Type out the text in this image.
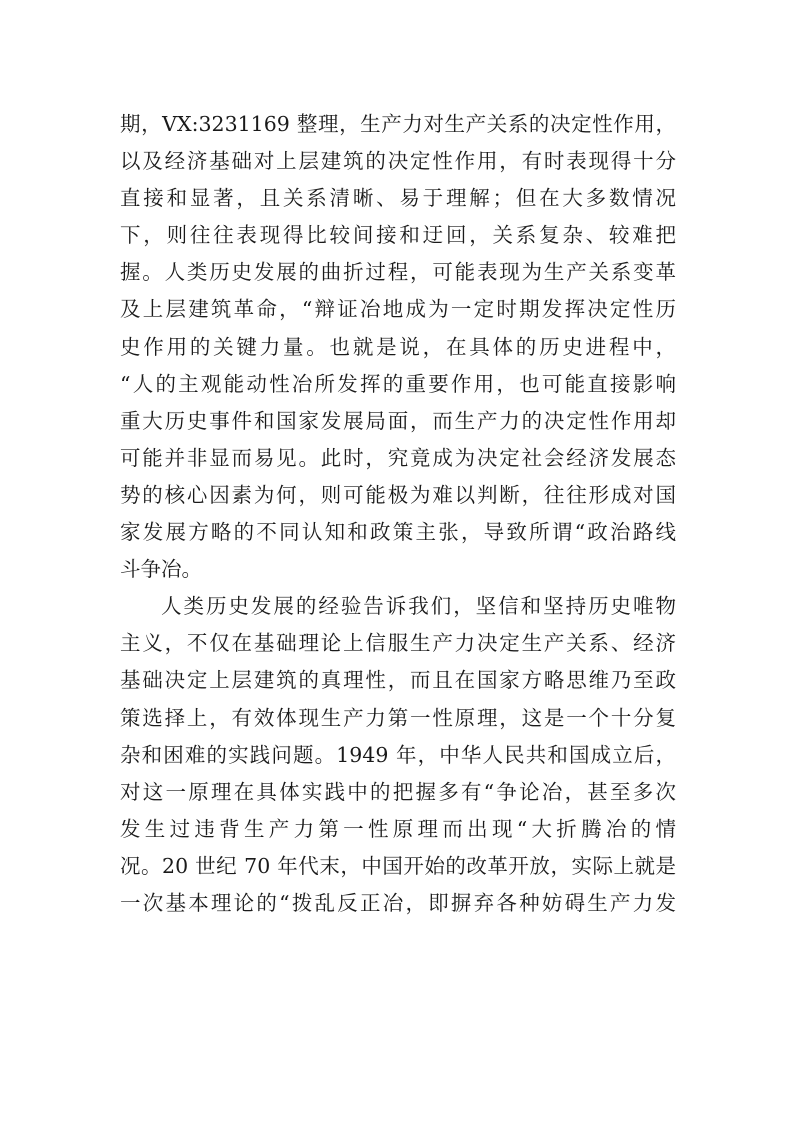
期，VX:3231169 整理，生产力对生产关系的决定性作用，
以及经济基础对上层建筑的决定性作用，有时表现得十分
直接和显著，且关系清晰、易于理解；但在大多数情况
下，则往往表现得比较间接和迂回，关系复杂、较难把
握。人类历史发展的曲折过程，可能表现为生产关系变革
及上层建筑革命，“辩证冶地成为一定时期发挥决定性历
史作用的关键力量。也就是说，在具体的历史进程中，
“人的主观能动性冶所发挥的重要作用，也可能直接影响
重大历史事件和国家发展局面，而生产力的决定性作用却
可能并非显而易见。此时，究竟成为决定社会经济发展态
势的核心因素为何，则可能极为难以判断，往往形成对国
家发展方略的不同认知和政策主张，导致所谓“政治路线
斗争冶。
人类历史发展的经验告诉我们，坚信和坚持历史唯物
主义，不仅在基础理论上信服生产力决定生产关系、经济
基础决定上层建筑的真理性，而且在国家方略思维乃至政
策选择上，有效体现生产力第一性原理，这是一个十分复
杂和困难的实践问题。1949 年，中华人民共和国成立后，
对这一原理在具体实践中的把握多有“争论冶，甚至多次
发生过违背生产力第一性原理而出现“大折腾冶的情
况。20 世纪 70 年代末，中国开始的改革开放，实际上就是
一次基本理论的“拨乱反正冶，即摒弃各种妨碍生产力发
